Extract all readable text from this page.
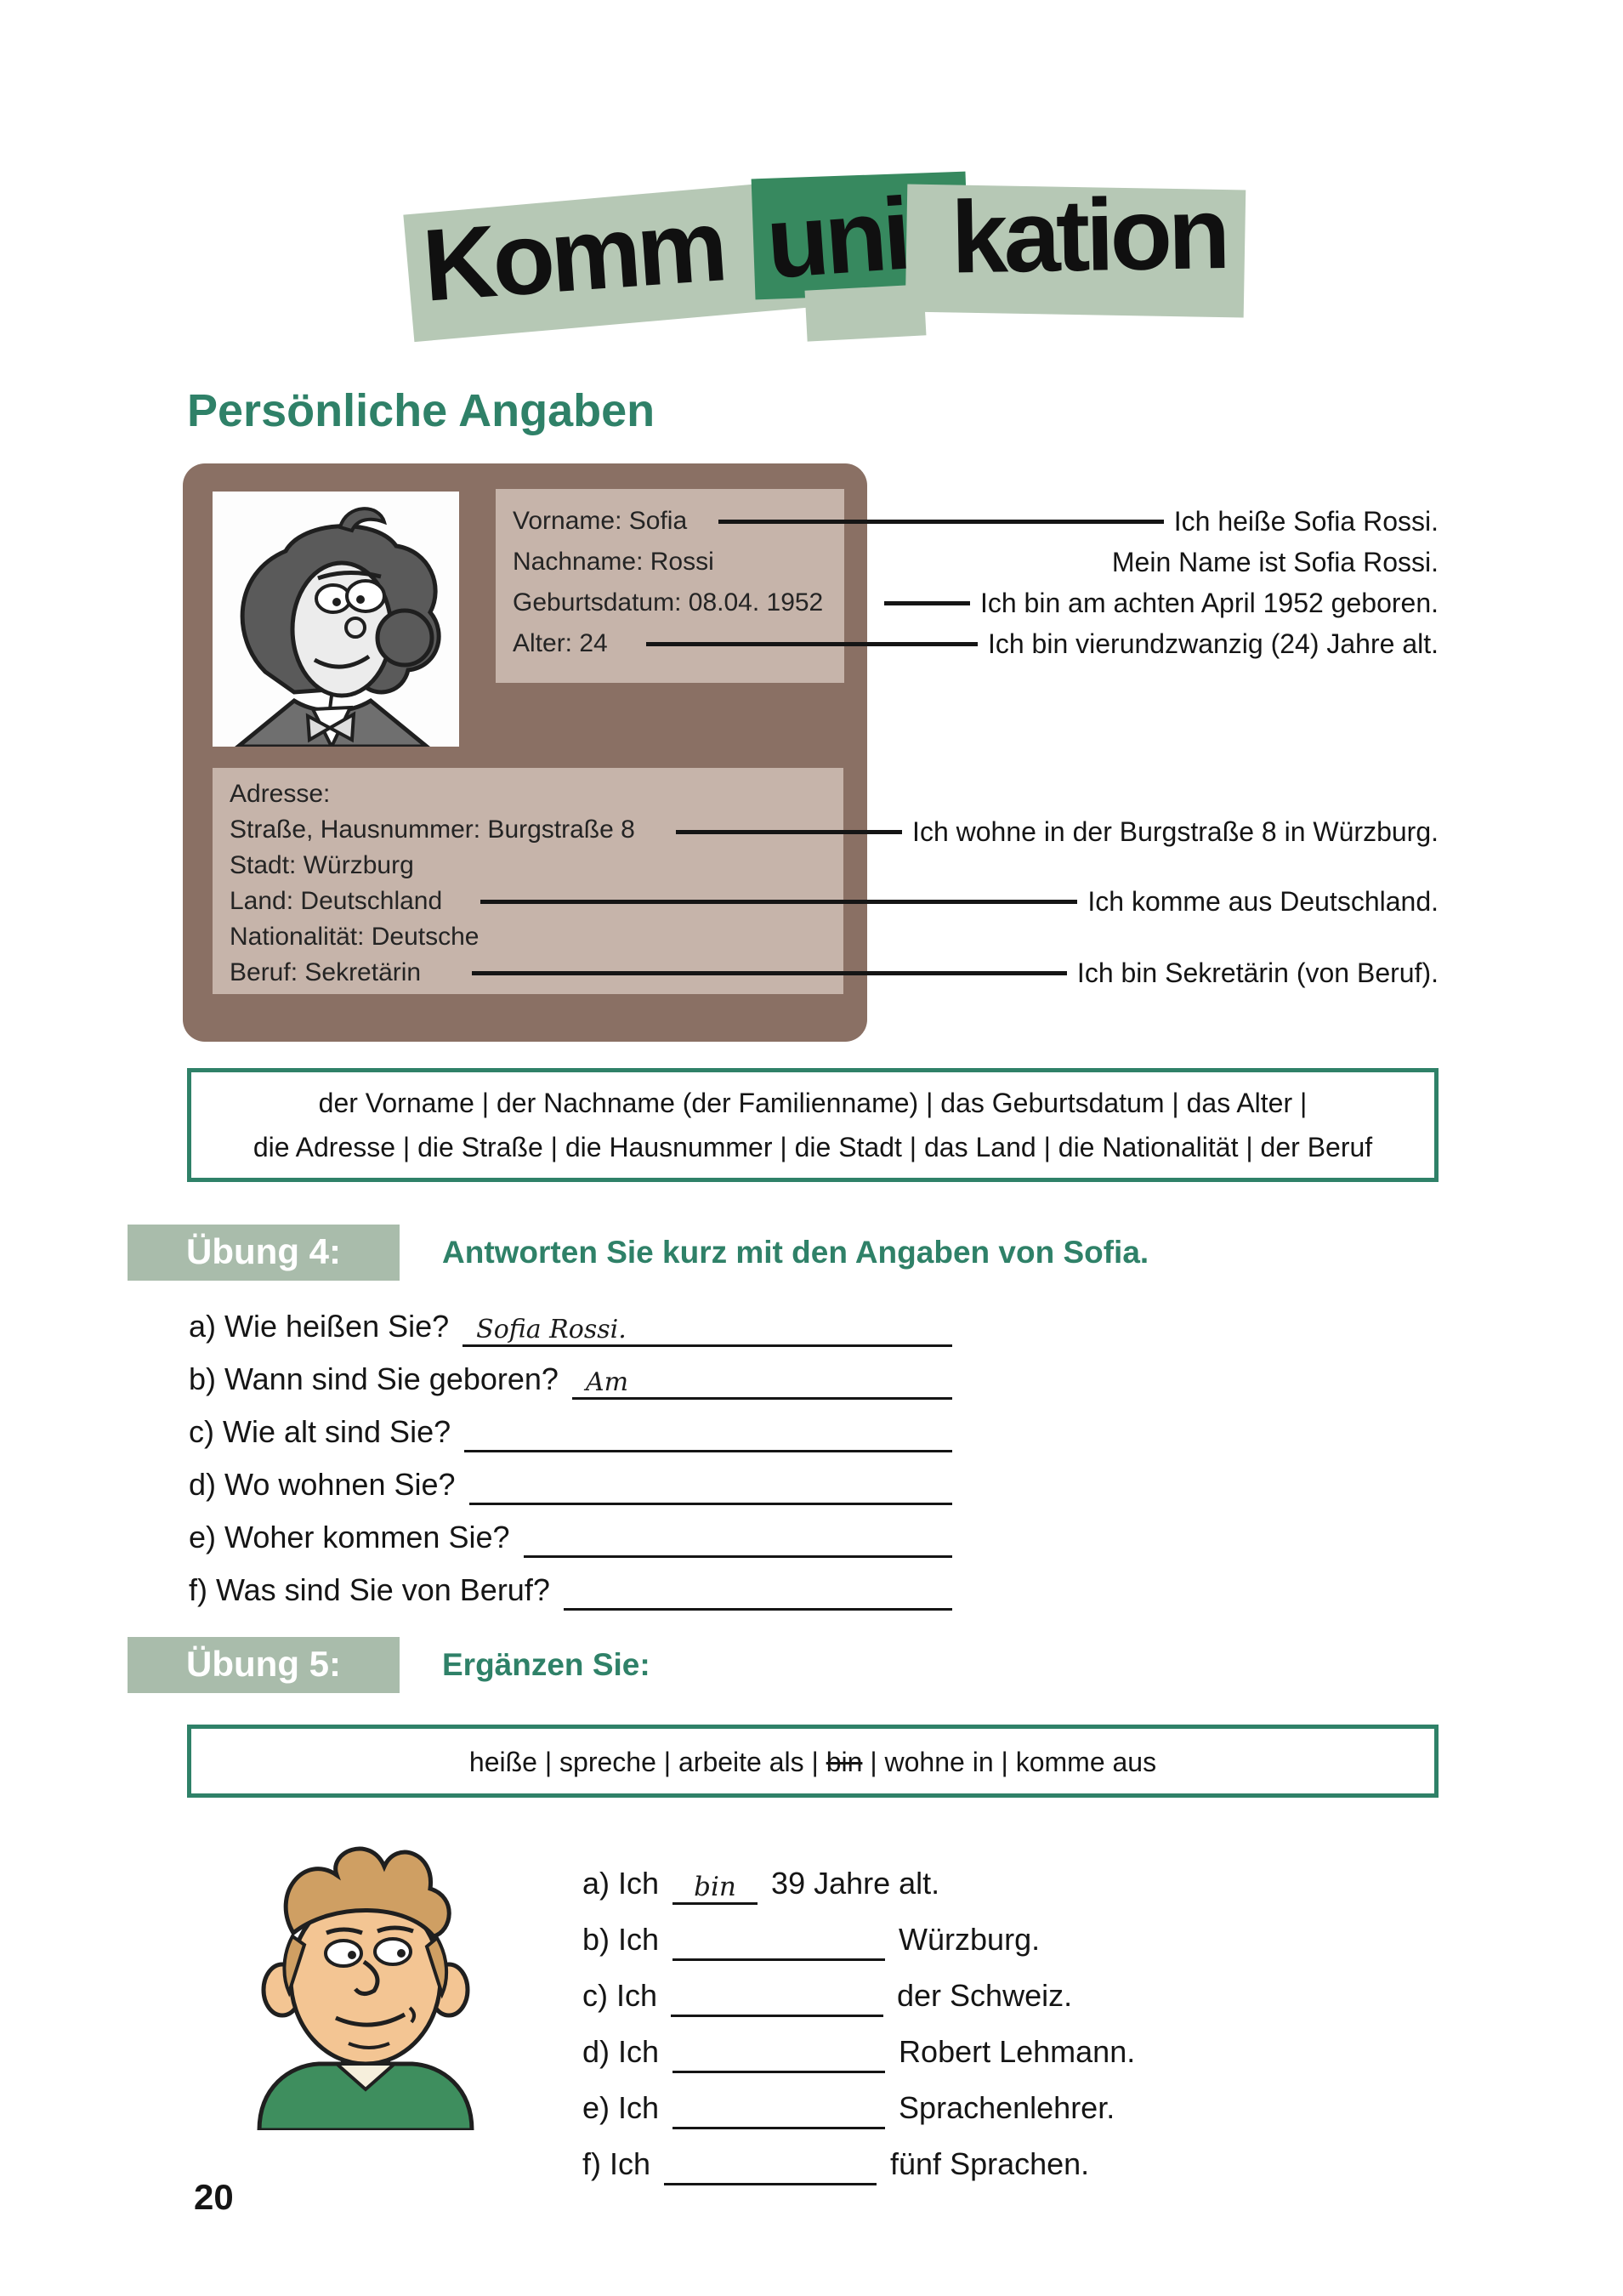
Komm uni kation
Persönliche Angaben
Vorname: Sofia
Nachname: Rossi
Geburtsdatum: 08.04. 1952
Alter: 24
Adresse:
Straße, Hausnummer: Burgstraße 8
Stadt: Würzburg
Land: Deutschland
Nationalität: Deutsche
Beruf: Sekretärin
Ich heiße Sofia Rossi.
Mein Name ist Sofia Rossi.
Ich bin am achten April 1952 geboren.
Ich bin vierundzwanzig (24) Jahre alt.
Ich wohne in der Burgstraße 8 in Würzburg.
Ich komme aus Deutschland.
Ich bin Sekretärin (von Beruf).
der Vorname | der Nachname (der Familienname) | das Geburtsdatum | das Alter |
die Adresse | die Straße | die Hausnummer | die Stadt | das Land | die Nationalität | der Beruf
Übung 4:	Antworten Sie kurz mit den Angaben von Sofia.
a) Wie heißen Sie? Sofia Rossi.
b) Wann sind Sie geboren? Am
c) Wie alt sind Sie?
d) Wo wohnen Sie?
e) Woher kommen Sie?
f) Was sind Sie von Beruf?
Übung 5:	Ergänzen Sie:
heiße | spreche | arbeite als | bin | wohne in | komme aus
a) Ich	bin	39 Jahre alt.
b) Ich	Würzburg.
c) Ich	der Schweiz.
d) Ich	Robert Lehmann.
e) Ich	Sprachenlehrer.
f) Ich	fünf Sprachen.
20
